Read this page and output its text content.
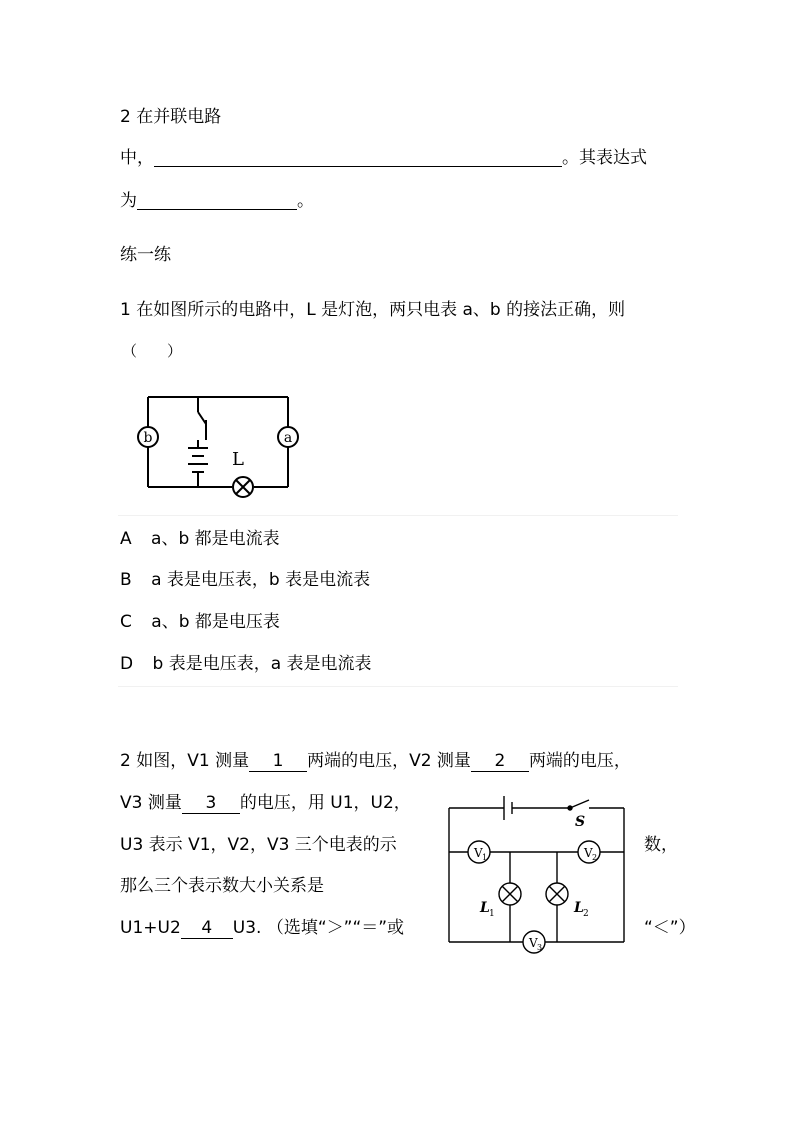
2 在并联电路
中，	。其表达式
为	。
练一练
1 在如图所示的电路中，L 是灯泡，两只电表 a、b 的接法正确，则
（　　）
b	a
L
A a、b 都是电流表
B a 表是电压表，b 表是电流表
C a、b 都是电压表
D b 表是电压表，a 表是电流表
2 如图，V1 测量 1 两端的电压，V2 测量 2 两端的电压，
V3 测量 3 的电压，用 U1，U2，
U3 表示 V1，V2，V3 三个电表的示	数，
那么三个表示数大小关系是
U1+U2 4 U3. （选填“＞”“＝”或	“＜”）
S
V 1	V 2
V 3
L 1	L 2
